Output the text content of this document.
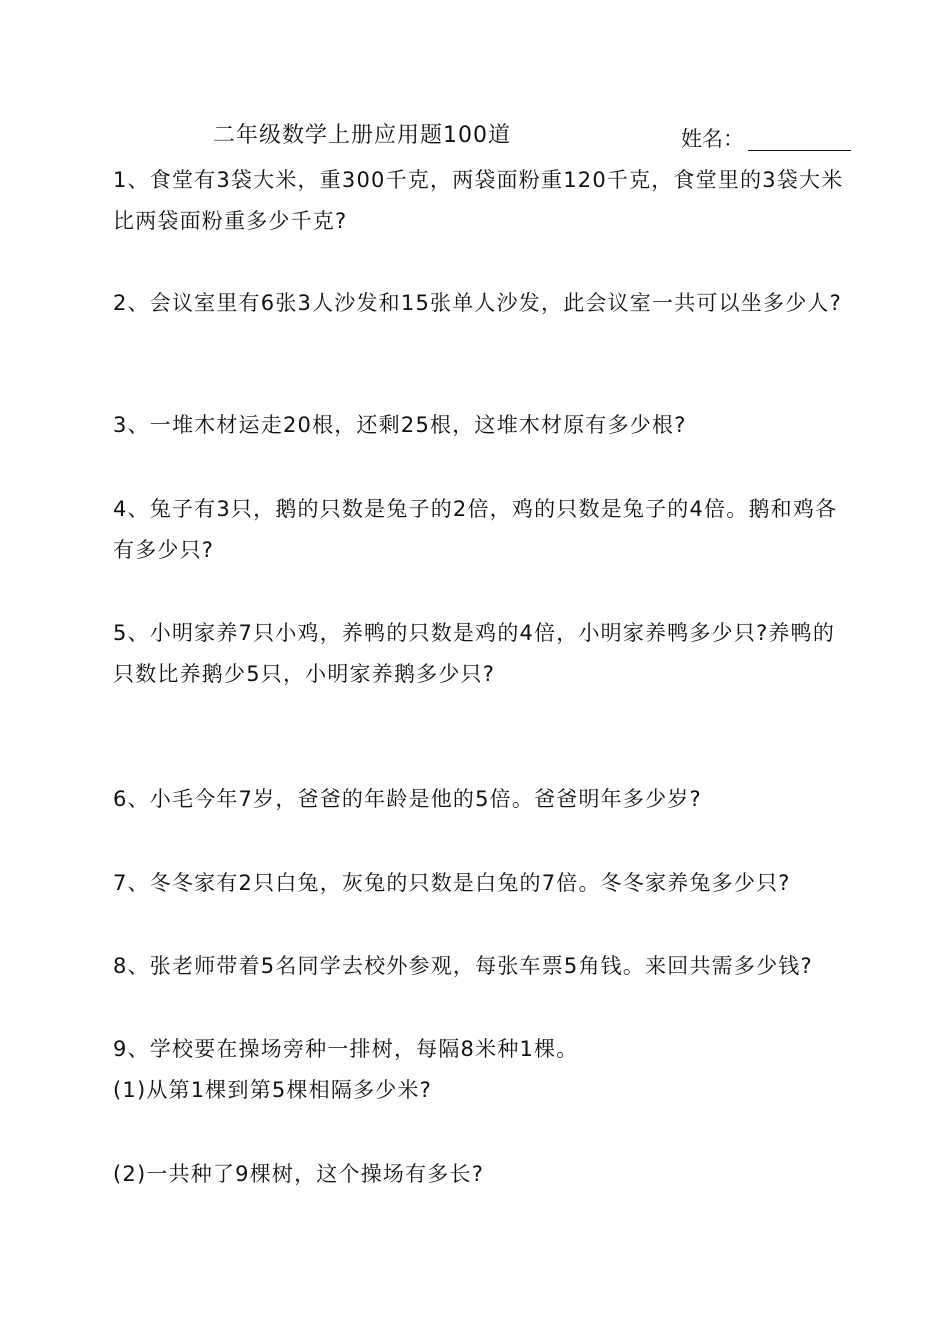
二年级数学上册应用题100道	姓名：
1、食堂有3袋大米，重300千克，两袋面粉重120千克，食堂里的3袋大米比两袋面粉重多少千克?
2、会议室里有6张3人沙发和15张单人沙发，此会议室一共可以坐多少人?
3、一堆木材运走20根，还剩25根，这堆木材原有多少根?
4、兔子有3只，鹅的只数是兔子的2倍，鸡的只数是兔子的4倍。鹅和鸡各有多少只?
5、小明家养7只小鸡，养鸭的只数是鸡的4倍，小明家养鸭多少只?养鸭的只数比养鹅少5只，小明家养鹅多少只?
6、小毛今年7岁，爸爸的年龄是他的5倍。爸爸明年多少岁?
7、冬冬家有2只白兔，灰兔的只数是白兔的7倍。冬冬家养兔多少只?
8、张老师带着5名同学去校外参观，每张车票5角钱。来回共需多少钱?
9、学校要在操场旁种一排树，每隔8米种1棵。
(1)从第1棵到第5棵相隔多少米?
(2)一共种了9棵树，这个操场有多长?
